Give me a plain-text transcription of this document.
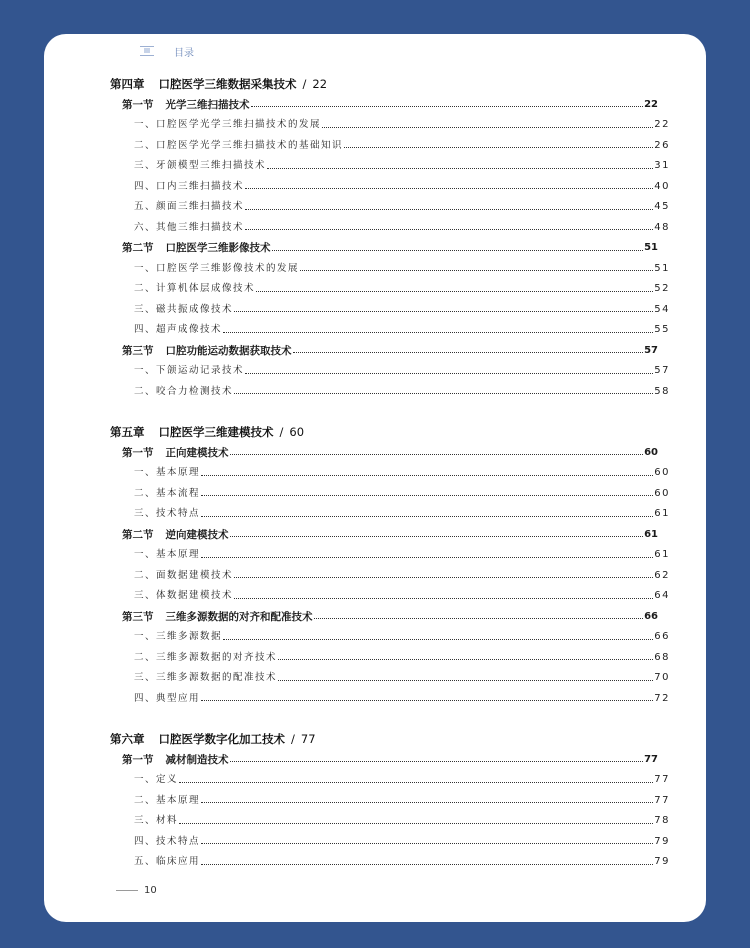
目录
第四章 口腔医学三维数据采集技术 / 22
第一节 光学三维扫描技术	22
一、口腔医学光学三维扫描技术的发展	22
二、口腔医学光学三维扫描技术的基础知识	26
三、牙颌模型三维扫描技术	31
四、口内三维扫描技术	40
五、颜面三维扫描技术	45
六、其他三维扫描技术	48
第二节 口腔医学三维影像技术	51
一、口腔医学三维影像技术的发展	51
二、计算机体层成像技术	52
三、磁共振成像技术	54
四、超声成像技术	55
第三节 口腔功能运动数据获取技术	57
一、下颌运动记录技术	57
二、咬合力检测技术	58
第五章 口腔医学三维建模技术 / 60
第一节 正向建模技术	60
一、基本原理	60
二、基本流程	60
三、技术特点	61
第二节 逆向建模技术	61
一、基本原理	61
二、面数据建模技术	62
三、体数据建模技术	64
第三节 三维多源数据的对齐和配准技术	66
一、三维多源数据	66
二、三维多源数据的对齐技术	68
三、三维多源数据的配准技术	70
四、典型应用	72
第六章 口腔医学数字化加工技术 / 77
第一节 减材制造技术	77
一、定义	77
二、基本原理	77
三、材料	78
四、技术特点	79
五、临床应用	79
10
